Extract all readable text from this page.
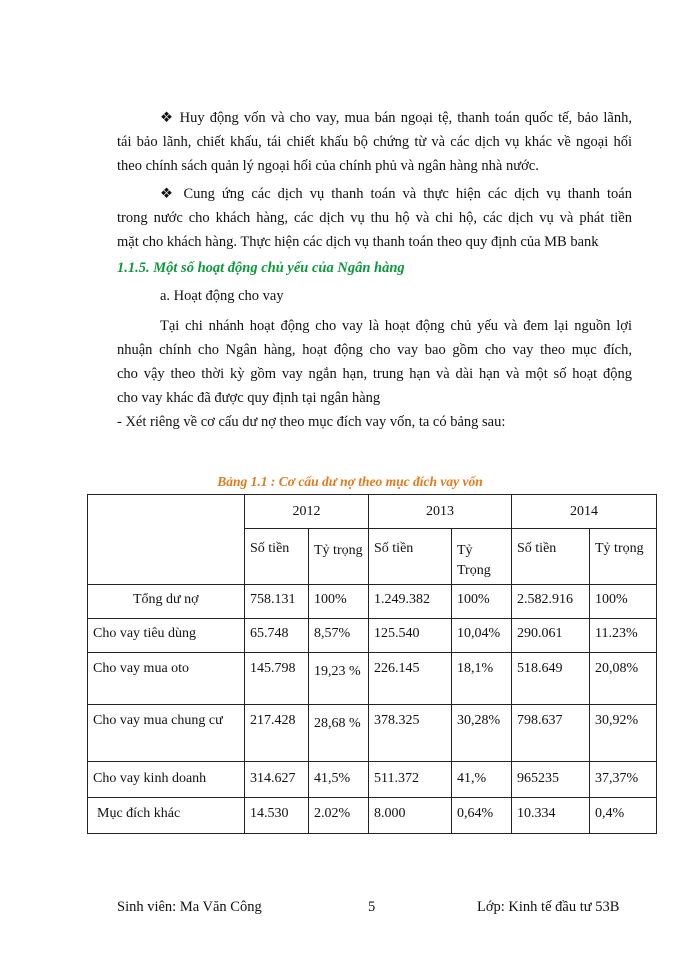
❖ Huy động vốn và cho vay, mua bán ngoại tệ, thanh toán quốc tế, bảo lãnh,
tái bảo lãnh, chiết khấu, tái chiết khấu bộ chứng từ và các dịch vụ khác về ngoại hối
theo chính sách quản lý ngoại hối của chính phủ và ngân hàng nhà nước.
❖ Cung ứng các dịch vụ thanh toán và thực hiện các dịch vụ thanh toán
trong nước cho khách hàng, các dịch vụ thu hộ và chi hộ, các dịch vụ và phát tiền
mặt cho khách hàng. Thực hiện các dịch vụ thanh toán theo quy định của MB bank
1.1.5. Một số hoạt động chủ yếu của Ngân hàng
a. Hoạt động cho vay
Tại chi nhánh hoạt động cho vay là hoạt động chủ yếu và đem lại nguồn lợi
nhuận chính cho Ngân hàng, hoạt động cho vay bao gồm cho vay theo mục đích,
cho vậy theo thời kỳ gồm vay ngắn hạn, trung hạn và dài hạn và một số hoạt động
cho vay khác đã được quy định tại ngân hàng
- Xét riêng về cơ cấu dư nợ theo mục đích vay vốn, ta có bảng sau:
Bảng 1.1 : Cơ cấu dư nợ theo mục đích vay vốn
	2012		2013		2014	
	Số tiền	Tỷ trọng	Số tiền	Tỷ Trọng	Số tiền	Tỷ trọng
Tổng dư nợ	758.131	100%	1.249.382	100%	2.582.916	100%
Cho vay tiêu dùng	65.748	8,57%	125.540	10,04%	290.061	11.23%
Cho vay mua oto	145.798	19,23 %	226.145	18,1%	518.649	20,08%
Cho vay mua chung cư	217.428	28,68 %	378.325	30,28%	798.637	30,92%
Cho vay kinh doanh	314.627	41,5%	511.372	41,%	965235	37,37%
Mục đích khác	14.530	2.02%	8.000	0,64%	10.334	0,4%
Sinh viên: Ma Văn Công	5	Lớp: Kinh tế đầu tư 53B
